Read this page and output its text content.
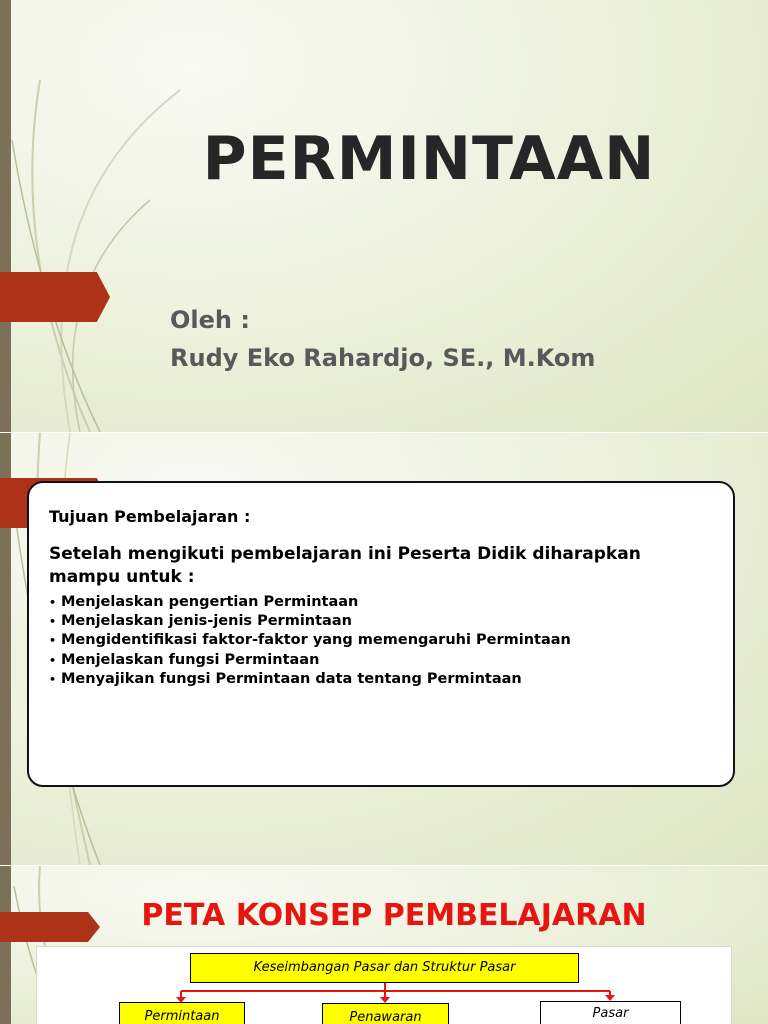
PERMINTAAN
Oleh :
Rudy Eko Rahardjo, SE., M.Kom
Tujuan Pembelajaran :
Setelah mengikuti pembelajaran ini Peserta Didik diharapkan mampu untuk :
• Menjelaskan pengertian Permintaan
• Menjelaskan jenis-jenis Permintaan
• Mengidentifikasi faktor-faktor yang memengaruhi Permintaan
• Menjelaskan fungsi Permintaan
• Menyajikan fungsi Permintaan data tentang Permintaan
PETA KONSEP PEMBELAJARAN
Keseimbangan Pasar dan Struktur Pasar
Permintaan	Penawaran	Pasar
